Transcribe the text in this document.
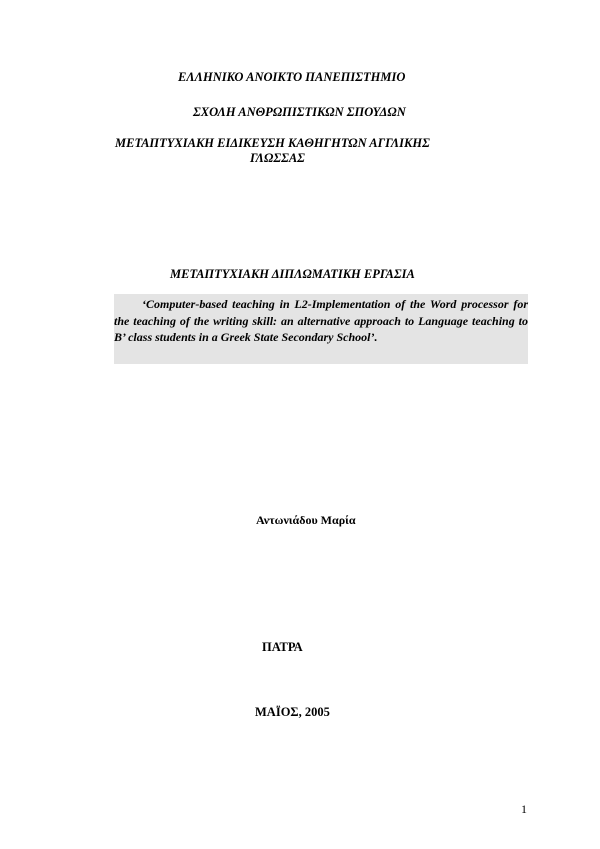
ΕΛΛΗΝΙΚΟ ΑΝΟΙΚΤΟ ΠΑΝΕΠΙΣΤΗΜΙΟ
ΣΧΟΛΗ ΑΝΘΡΩΠΙΣΤΙΚΩΝ ΣΠΟΥΔΩΝ
ΜΕΤΑΠΤΥΧΙΑΚΗ ΕΙΔΙΚΕΥΣΗ ΚΑΘΗΓΗΤΩΝ ΑΓΓΛΙΚΗΣ
ΓΛΩΣΣΑΣ
ΜΕΤΑΠΤΥΧΙΑΚΗ ΔΙΠΛΩΜΑΤΙΚΗ ΕΡΓΑΣΙΑ

‘Computer-based teaching in L2-Implementation of the Word processor for the teaching of the writing skill: an alternative approach to Language teaching to B’ class students in a Greek State Secondary School’.

Αντωνιάδου Μαρία
ΠΑΤΡΑ
ΜΑΪΟΣ, 2005
1
